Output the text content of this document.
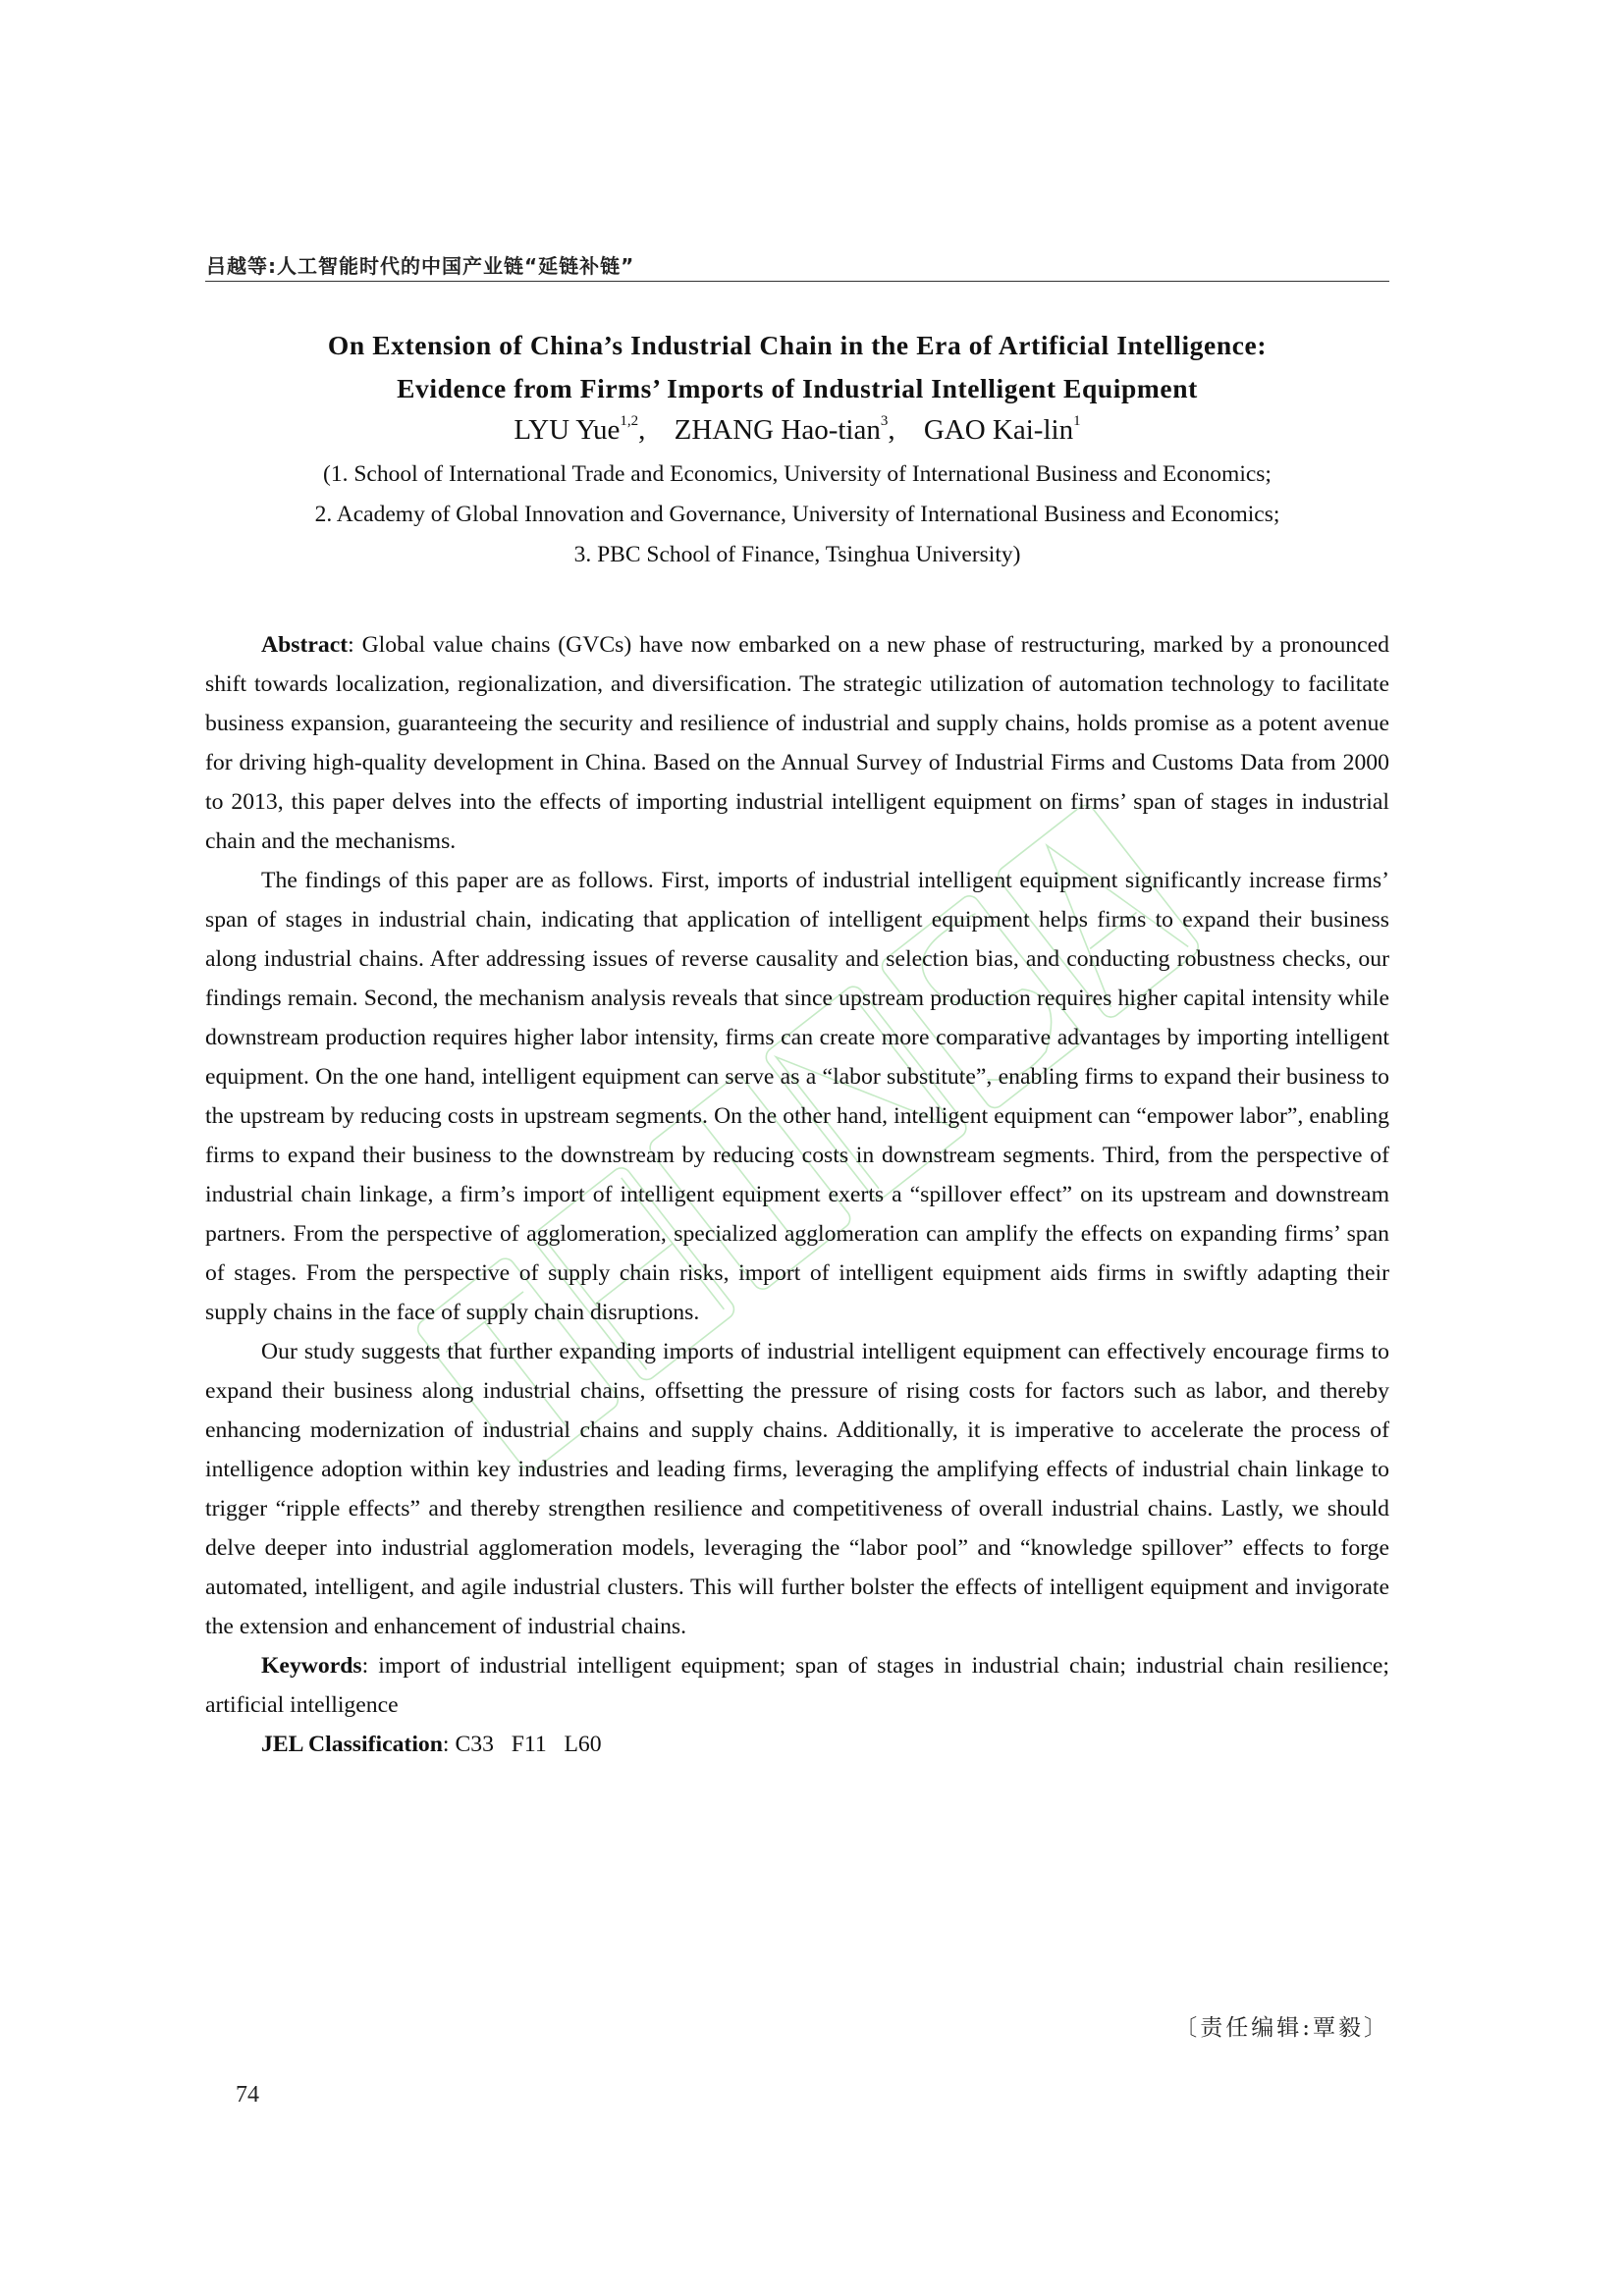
吕越等:人工智能时代的中国产业链“延链补链”
On Extension of China’s Industrial Chain in the Era of Artificial Intelligence:
Evidence from Firms’ Imports of Industrial Intelligent Equipment
LYU Yue$^{1,2}$, ZHANG Hao-tian$^3$, GAO Kai-lin$^1$
(1. School of International Trade and Economics, University of International Business and Economics;
2. Academy of Global Innovation and Governance, University of International Business and Economics;
3. PBC School of Finance, Tsinghua University)

Abstract: Global value chains (GVCs) have now embarked on a new phase of restructuring, marked by a pronounced shift towards localization, regionalization, and diversification. The strategic utilization of automation technology to facilitate business expansion, guaranteeing the security and resilience of industrial and supply chains, holds promise as a potent avenue for driving high-quality development in China. Based on the Annual Survey of Industrial Firms and Customs Data from 2000 to 2013, this paper delves into the effects of importing industrial intelligent equipment on firms’ span of stages in industrial chain and the mechanisms.

The findings of this paper are as follows. First, imports of industrial intelligent equipment significantly increase firms’ span of stages in industrial chain, indicating that application of intelligent equipment helps firms to expand their business along industrial chains. After addressing issues of reverse causality and selection bias, and conducting robustness checks, our findings remain. Second, the mechanism analysis reveals that since upstream production requires higher capital intensity while downstream production requires higher labor intensity, firms can create more comparative advantages by importing intelligent equipment. On the one hand, intelligent equipment can serve as a “labor substitute”, enabling firms to expand their business to the upstream by reducing costs in upstream segments. On the other hand, intelligent equipment can “empower labor”, enabling firms to expand their business to the downstream by reducing costs in downstream segments. Third, from the perspective of industrial chain linkage, a firm’s import of intelligent equipment exerts a “spillover effect” on its upstream and downstream partners. From the perspective of agglomeration, specialized agglomeration can amplify the effects on expanding firms’ span of stages. From the perspective of supply chain risks, import of intelligent equipment aids firms in swiftly adapting their supply chains in the face of supply chain disruptions.

Our study suggests that further expanding imports of industrial intelligent equipment can effectively encourage firms to expand their business along industrial chains, offsetting the pressure of rising costs for factors such as labor, and thereby enhancing modernization of industrial chains and supply chains. Additionally, it is imperative to accelerate the process of intelligence adoption within key industries and leading firms, leveraging the amplifying effects of industrial chain linkage to trigger “ripple effects” and thereby strengthen resilience and competitiveness of overall industrial chains. Lastly, we should delve deeper into industrial agglomeration models, leveraging the “labor pool” and “knowledge spillover” effects to forge automated, intelligent, and agile industrial clusters. This will further bolster the effects of intelligent equipment and invigorate the extension and enhancement of industrial chains.

Keywords: import of industrial intelligent equipment; span of stages in industrial chain; industrial chain resilience; artificial intelligence

JEL Classification: C33   F11   L60

〔责任编辑:覃毅〕
74
